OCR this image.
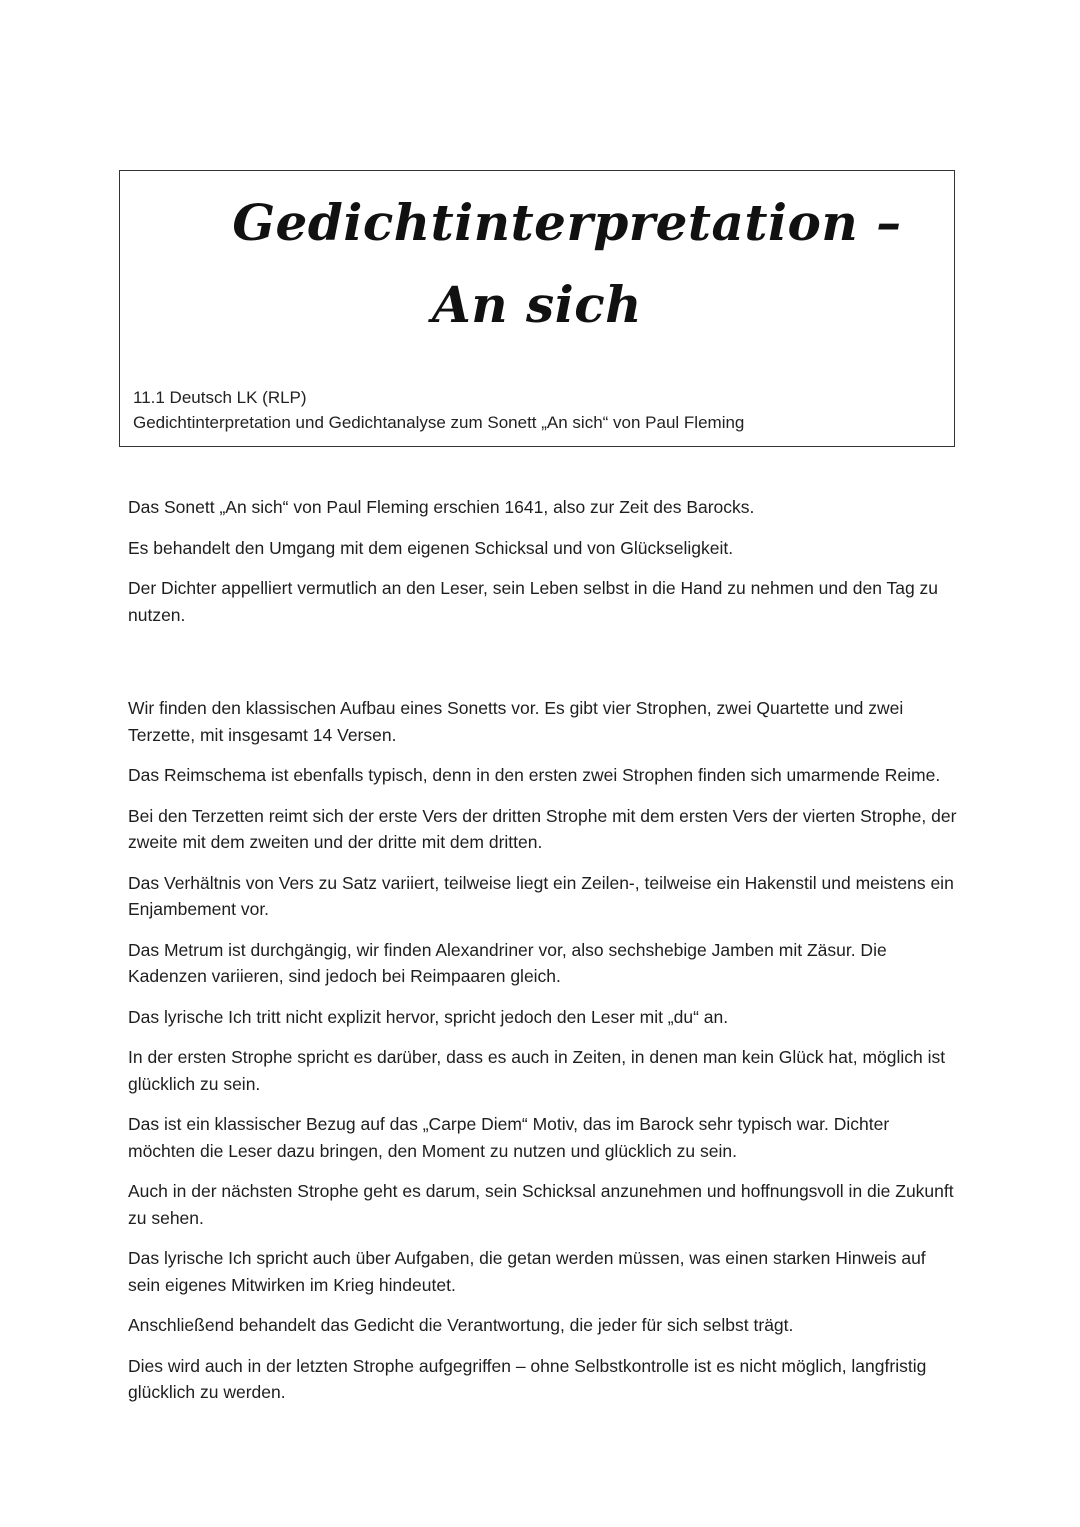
Gedichtinterpretation –
An sich
11.1 Deutsch LK (RLP)
Gedichtinterpretation und Gedichtanalyse zum Sonett „An sich“ von Paul Fleming

Das Sonett „An sich“ von Paul Fleming erschien 1641, also zur Zeit des Barocks.

Es behandelt den Umgang mit dem eigenen Schicksal und von Glückseligkeit.

Der Dichter appelliert vermutlich an den Leser, sein Leben selbst in die Hand zu nehmen und den Tag zu nutzen.

Wir finden den klassischen Aufbau eines Sonetts vor. Es gibt vier Strophen, zwei Quartette und zwei Terzette, mit insgesamt 14 Versen.

Das Reimschema ist ebenfalls typisch, denn in den ersten zwei Strophen finden sich umarmende Reime.

Bei den Terzetten reimt sich der erste Vers der dritten Strophe mit dem ersten Vers der vierten Strophe, der zweite mit dem zweiten und der dritte mit dem dritten.

Das Verhältnis von Vers zu Satz variiert, teilweise liegt ein Zeilen-, teilweise ein Hakenstil und meistens ein Enjambement vor.

Das Metrum ist durchgängig, wir finden Alexandriner vor, also sechshebige Jamben mit Zäsur. Die Kadenzen variieren, sind jedoch bei Reimpaaren gleich.

Das lyrische Ich tritt nicht explizit hervor, spricht jedoch den Leser mit „du“ an.

In der ersten Strophe spricht es darüber, dass es auch in Zeiten, in denen man kein Glück hat, möglich ist glücklich zu sein.

Das ist ein klassischer Bezug auf das „Carpe Diem“ Motiv, das im Barock sehr typisch war. Dichter möchten die Leser dazu bringen, den Moment zu nutzen und glücklich zu sein.

Auch in der nächsten Strophe geht es darum, sein Schicksal anzunehmen und hoffnungsvoll in die Zukunft zu sehen.

Das lyrische Ich spricht auch über Aufgaben, die getan werden müssen, was einen starken Hinweis auf sein eigenes Mitwirken im Krieg hindeutet.

Anschließend behandelt das Gedicht die Verantwortung, die jeder für sich selbst trägt.

Dies wird auch in der letzten Strophe aufgegriffen – ohne Selbstkontrolle ist es nicht möglich, langfristig glücklich zu werden.
